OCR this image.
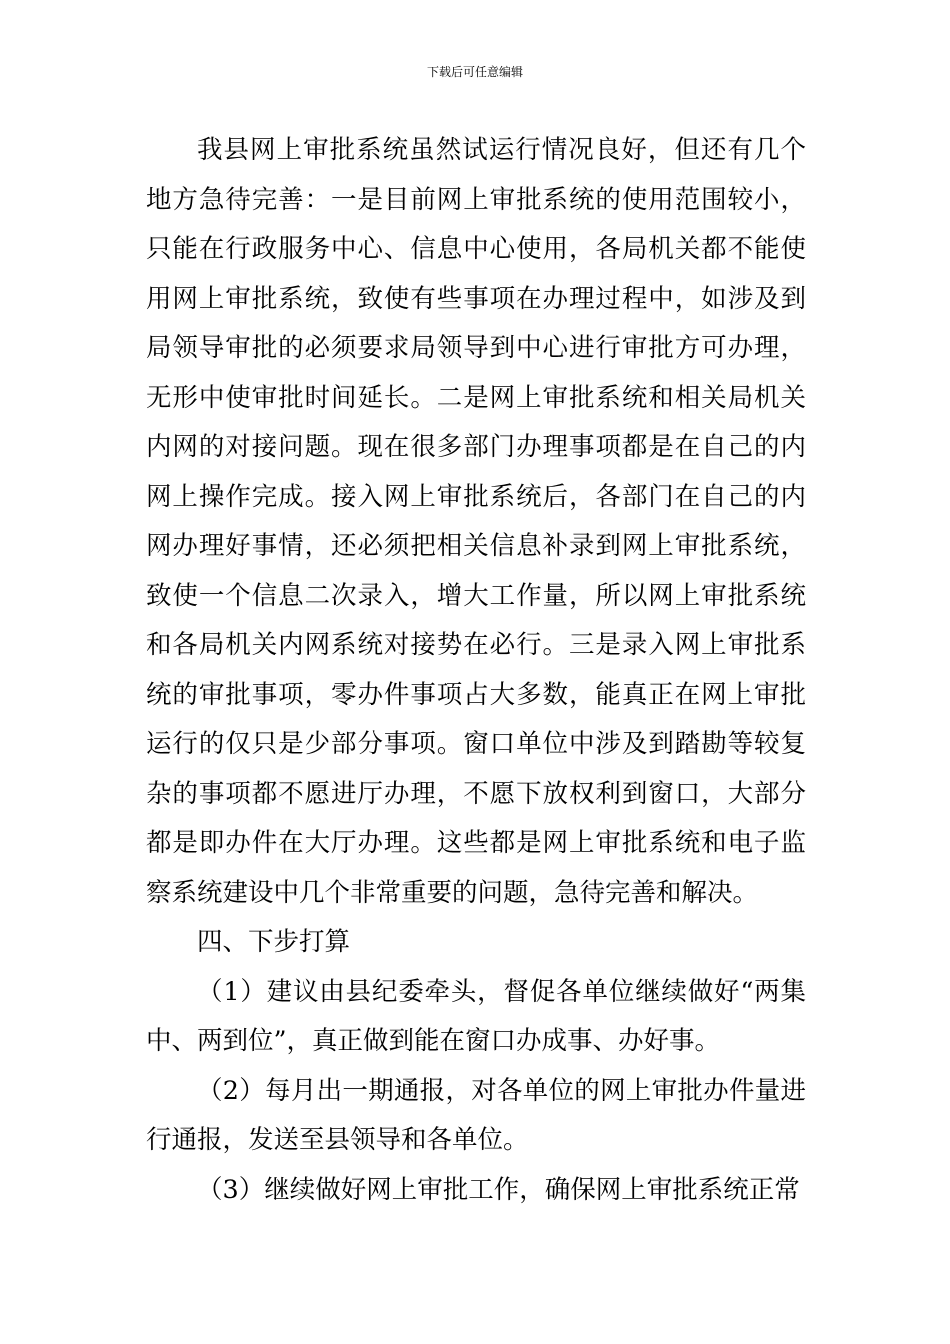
下载后可任意编辑

我县网上审批系统虽然试运行情况良好，但还有几个地方急待完善：一是目前网上审批系统的使用范围较小，只能在行政服务中心、信息中心使用，各局机关都不能使用网上审批系统，致使有些事项在办理过程中，如涉及到局领导审批的必须要求局领导到中心进行审批方可办理，无形中使审批时间延长。二是网上审批系统和相关局机关内网的对接问题。现在很多部门办理事项都是在自己的内网上操作完成。接入网上审批系统后，各部门在自己的内网办理好事情，还必须把相关信息补录到网上审批系统，致使一个信息二次录入，增大工作量，所以网上审批系统和各局机关内网系统对接势在必行。三是录入网上审批系统的审批事项，零办件事项占大多数，能真正在网上审批运行的仅只是少部分事项。窗口单位中涉及到踏勘等较复杂的事项都不愿进厅办理，不愿下放权利到窗口，大部分都是即办件在大厅办理。这些都是网上审批系统和电子监察系统建设中几个非常重要的问题，急待完善和解决。

四、下步打算

（1）建议由县纪委牵头，督促各单位继续做好“两集中、两到位”，真正做到能在窗口办成事、办好事。

（2）每月出一期通报，对各单位的网上审批办件量进行通报，发送至县领导和各单位。

（3）继续做好网上审批工作，确保网上审批系统正常
